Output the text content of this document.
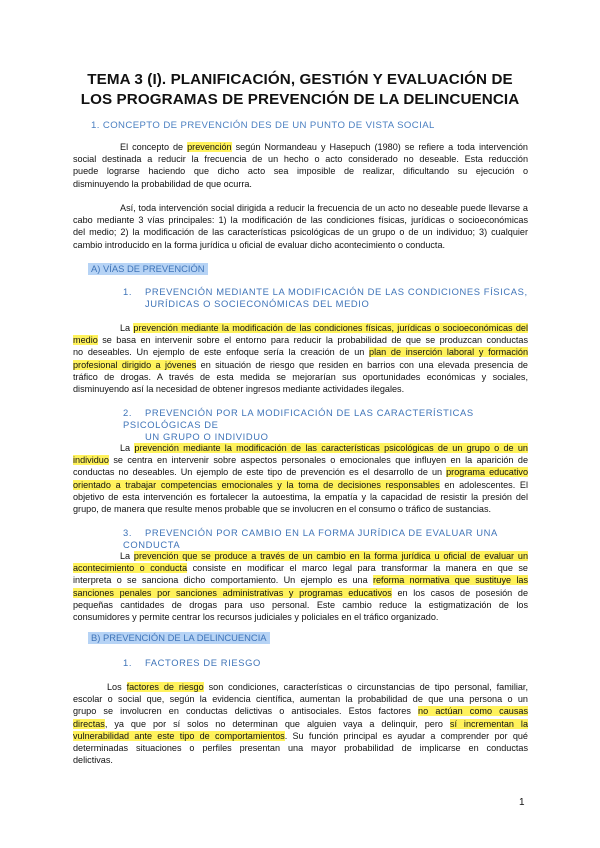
TEMA 3 (I). PLANIFICACIÓN, GESTIÓN Y EVALUACIÓN DE
LOS PROGRAMAS DE PREVENCIÓN DE LA DELINCUENCIA
1. CONCEPTO DE PREVENCIÓN DES DE UN PUNTO DE VISTA SOCIAL
El concepto de prevención según Normandeau y Hasepuch (1980) se refiere a toda intervención
social destinada a reducir la frecuencia de un hecho o acto considerado no deseable. Esta reducción
puede lograrse haciendo que dicho acto sea imposible de realizar, dificultando su ejecución o
disminuyendo la probabilidad de que ocurra.
Así, toda intervención social dirigida a reducir la frecuencia de un acto no deseable puede llevarse a
cabo mediante 3 vías principales: 1) la modificación de las condiciones físicas, jurídicas o socioeconómicas
del medio; 2) la modificación de las características psicológicas de un grupo o de un individuo; 3) cualquier
cambio introducido en la forma jurídica u oficial de evaluar dicho acontecimiento o conducta.
A) VÍAS DE PREVENCIÓN
1. PREVENCIÓN MEDIANTE LA MODIFICACIÓN DE LAS CONDICIONES FÍSICAS,
JURÍDICAS O SOCIECONÓMICAS DEL MEDIO
La prevención mediante la modificación de las condiciones físicas, jurídicas o socioeconómicas del
medio se basa en intervenir sobre el entorno para reducir la probabilidad de que se produzcan conductas
no deseables. Un ejemplo de este enfoque sería la creación de un plan de inserción laboral y formación
profesional dirigido a jóvenes en situación de riesgo que residen en barrios con una elevada presencia de
tráfico de drogas. A través de esta medida se mejorarían sus oportunidades económicas y sociales,
disminuyendo así la necesidad de obtener ingresos mediante actividades ilegales.
2. PREVENCIÓN POR LA MODIFICACIÓN DE LAS CARACTERÍSTICAS PSICOLÓGICAS DE
UN GRUPO O INDIVIDUO
La prevención mediante la modificación de las características psicológicas de un grupo o de un
individuo se centra en intervenir sobre aspectos personales o emocionales que influyen en la aparición de
conductas no deseables. Un ejemplo de este tipo de prevención es el desarrollo de un programa educativo
orientado a trabajar competencias emocionales y la toma de decisiones responsables en adolescentes. El
objetivo de esta intervención es fortalecer la autoestima, la empatía y la capacidad de resistir la presión del
grupo, de manera que resulte menos probable que se involucren en el consumo o tráfico de sustancias.
3. PREVENCIÓN POR CAMBIO EN LA FORMA JURÍDICA DE EVALUAR UNA CONDUCTA
La prevención que se produce a través de un cambio en la forma jurídica u oficial de evaluar un
acontecimiento o conducta consiste en modificar el marco legal para transformar la manera en que se
interpreta o se sanciona dicho comportamiento. Un ejemplo es una reforma normativa que sustituye las
sanciones penales por sanciones administrativas y programas educativos en los casos de posesión de
pequeñas cantidades de drogas para uso personal. Este cambio reduce la estigmatización de los
consumidores y permite centrar los recursos judiciales y policiales en el tráfico organizado.
B) PREVENCIÓN DE LA DELINCUENCIA
1. FACTORES DE RIESGO
Los factores de riesgo son condiciones, características o circunstancias de tipo personal, familiar,
escolar o social que, según la evidencia científica, aumentan la probabilidad de que una persona o un
grupo se involucren en conductas delictivas o antisociales. Estos factores no actúan como causas
directas, ya que por sí solos no determinan que alguien vaya a delinquir, pero sí incrementan la
vulnerabilidad ante este tipo de comportamientos. Su función principal es ayudar a comprender por qué
determinadas situaciones o perfiles presentan una mayor probabilidad de implicarse en conductas
delictivas.
1
